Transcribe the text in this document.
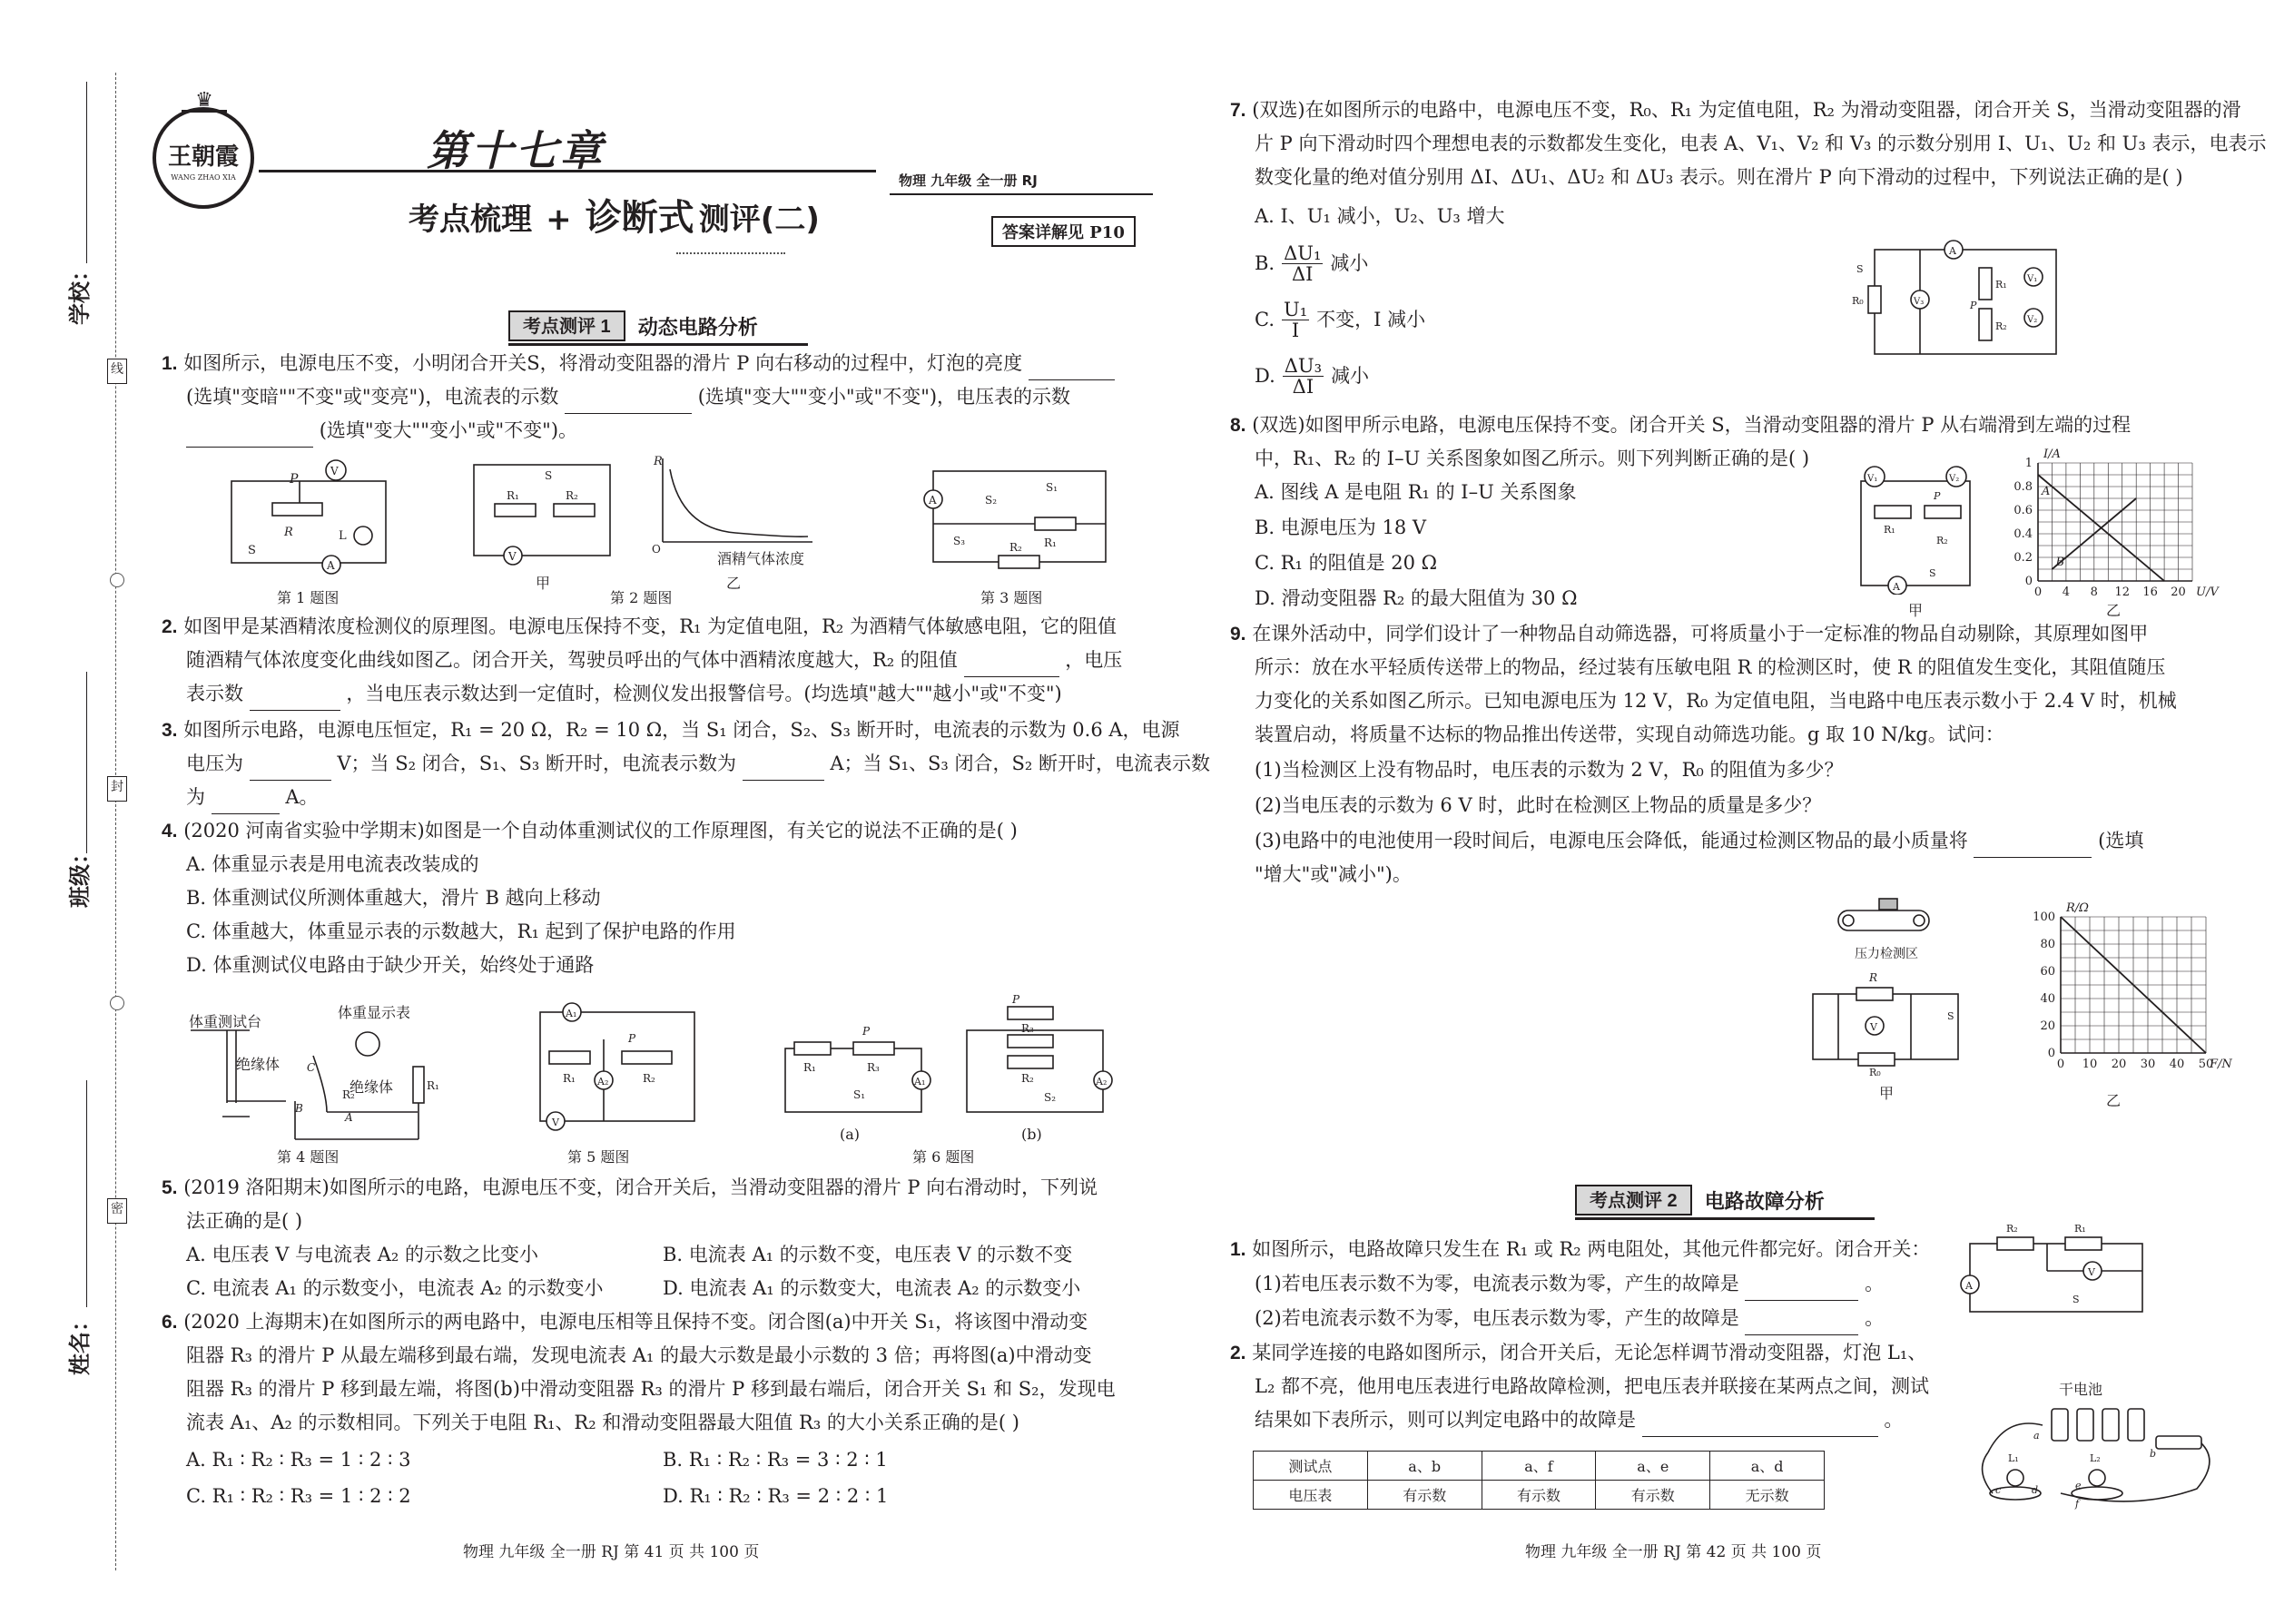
学校：
班级：
姓名：
线
封
密
♛
王朝霞
WANG ZHAO XIA
第十七章
考点梳理 + 诊断式 测评(二)
物理 九年级 全一册 RJ
答案详解见 P10
考点测评 1	动态电路分析
1. 如图所示，电源电压不变，小明闭合开关S，将滑动变阻器的滑片 P 向右移动的过程中，灯泡的亮度
(选填"变暗""不变"或"变亮")，电流表的示数	(选填"变大""变小"或"不变")，电压表的示数
(选填"变大""变小"或"不变")。
V
A
P
R	L
S
第 1 题图
V
R₁	R₂
S
甲
R
O
酒精气体浓度
乙
第 2 题图
A
R₁
R₂
S₁
S₂
S₃
第 3 题图
2. 如图甲是某酒精浓度检测仪的原理图。电源电压保持不变，R₁ 为定值电阻，R₂ 为酒精气体敏感电阻，它的阻值
随酒精气体浓度变化曲线如图乙。闭合开关，驾驶员呼出的气体中酒精浓度越大，R₂ 的阻值	，电压
表示数	，当电压表示数达到一定值时，检测仪发出报警信号。(均选填"越大""越小"或"不变")
3. 如图所示电路，电源电压恒定，R₁ = 20 Ω，R₂ = 10 Ω，当 S₁ 闭合，S₂、S₃ 断开时，电流表的示数为 0.6 A，电源
电压为	V；当 S₂ 闭合，S₁、S₃ 断开时，电流表示数为	A；当 S₁、S₃ 闭合，S₂ 断开时，电流表示数
为	A。
4. (2020 河南省实验中学期末)如图是一个自动体重测试仪的工作原理图，有关它的说法不正确的是( )
A. 体重显示表是用电流表改装成的
B. 体重测试仪所测体重越大，滑片 B 越向上移动
C. 体重越大，体重显示表的示数越大，R₁ 起到了保护电路的作用
D. 体重测试仪电路由于缺少开关，始终处于通路
体重测试台
体重显示表
C
B
R₂
A
R₁
绝缘体
绝缘体
第 4 题图
A₁
A₂
V
R₁	R₂
P
第 5 题图
A₁
R₁	R₃
P
S₁
(a)
A₂
R₃
R₂
P
S₂
(b)
第 6 题图
5. (2019 洛阳期末)如图所示的电路，电源电压不变，闭合开关后，当滑动变阻器的滑片 P 向右滑动时，下列说
法正确的是( )
A. 电压表 V 与电流表 A₂ 的示数之比变小	B. 电流表 A₁ 的示数不变，电压表 V 的示数不变
C. 电流表 A₁ 的示数变小，电流表 A₂ 的示数变小	D. 电流表 A₁ 的示数变大，电流表 A₂ 的示数变小
6. (2020 上海期末)在如图所示的两电路中，电源电压相等且保持不变。闭合图(a)中开关 S₁，将该图中滑动变
阻器 R₃ 的滑片 P 从最左端移到最右端，发现电流表 A₁ 的最大示数是最小示数的 3 倍；再将图(a)中滑动变
阻器 R₃ 的滑片 P 移到最左端，将图(b)中滑动变阻器 R₃ 的滑片 P 移到最右端后，闭合开关 S₁ 和 S₂，发现电
流表 A₁、A₂ 的示数相同。下列关于电阻 R₁、R₂ 和滑动变阻器最大阻值 R₃ 的大小关系正确的是( )
A. R₁ ∶ R₂ ∶ R₃ = 1 ∶ 2 ∶ 3	B. R₁ ∶ R₂ ∶ R₃ = 3 ∶ 2 ∶ 1
C. R₁ ∶ R₂ ∶ R₃ = 1 ∶ 2 ∶ 2	D. R₁ ∶ R₂ ∶ R₃ = 2 ∶ 2 ∶ 1
物理 九年级 全一册 RJ 第 41 页 共 100 页
7. (双选)在如图所示的电路中，电源电压不变，R₀、R₁ 为定值电阻，R₂ 为滑动变阻器，闭合开关 S，当滑动变阻器的滑
片 P 向下滑动时四个理想电表的示数都发生变化，电表 A、V₁、V₂ 和 V₃ 的示数分别用 I、U₁、U₂ 和 U₃ 表示，电表示
数变化量的绝对值分别用 ΔI、ΔU₁、ΔU₂ 和 ΔU₃ 表示。则在滑片 P 向下滑动的过程中，下列说法正确的是( )
A. I、U₁ 减小，U₂、U₃ 增大
B. $\frac{\text{ΔU₁}}{\Delta I}$ 减小
C. $\frac{\text{U₁}}{I}$ 不变，I 减小
D. $\frac{\text{ΔU₃}}{\Delta I}$ 减小
A
V₃
V₁
V₂
R₁
R₂
P
R₀
S
8. (双选)如图甲所示电路，电源电压保持不变。闭合开关 S，当滑动变阻器的滑片 P 从右端滑到左端的过程
中，R₁、R₂ 的 I–U 关系图象如图乙所示。则下列判断正确的是( )
A. 图线 A 是电阻 R₁ 的 I–U 关系图象
B. 电源电压为 18 V
C. R₁ 的阻值是 20 Ω
D. 滑动变阻器 R₂ 的最大阻值为 30 Ω
V₁	V₂
A
R₁
R₂
P
S
甲
0 4 8 12 16 20
0
0.2
0.4
0.6
0.8
1
I/A
U/V
A
B
乙
9. 在课外活动中，同学们设计了一种物品自动筛选器，可将质量小于一定标准的物品自动剔除，其原理如图甲
所示：放在水平轻质传送带上的物品，经过装有压敏电阻 R 的检测区时，使 R 的阻值发生变化，其阻值随压
力变化的关系如图乙所示。已知电源电压为 12 V，R₀ 为定值电阻，当电路中电压表示数小于 2.4 V 时，机械
装置启动，将质量不达标的物品推出传送带，实现自动筛选功能。g 取 10 N/kg。试问：
(1)当检测区上没有物品时，电压表的示数为 2 V，R₀ 的阻值为多少？
(2)当电压表的示数为 6 V 时，此时在检测区上物品的质量是多少？
(3)电路中的电池使用一段时间后，电源电压会降低，能通过检测区物品的最小质量将	(选填
"增大"或"减小")。
压力检测区
V
R
R₀
S
甲
0 10 20 30 40 50
0
20
40
60
80
100
R/Ω
F/N
乙
考点测评 2	电路故障分析
1. 如图所示，电路故障只发生在 R₁ 或 R₂ 两电阻处，其他元件都完好。闭合开关：
(1)若电压表示数不为零，电流表示数为零，产生的故障是	。
(2)若电流表示数不为零，电压表示数为零，产生的故障是	。
V
A
R₂	R₁
S
2. 某同学连接的电路如图所示，闭合开关后，无论怎样调节滑动变阻器，灯泡 L₁、
L₂ 都不亮，他用电压表进行电路故障检测，把电压表并联接在某两点之间，测试
结果如下表所示，则可以判定电路中的故障是	。
测试点	a、b	a、f	a、e	a、d
电压表	有示数	有示数	有示数	无示数
干电池
L₁	L₂
a
c	d	e
f
b
物理 九年级 全一册 RJ 第 42 页 共 100 页
